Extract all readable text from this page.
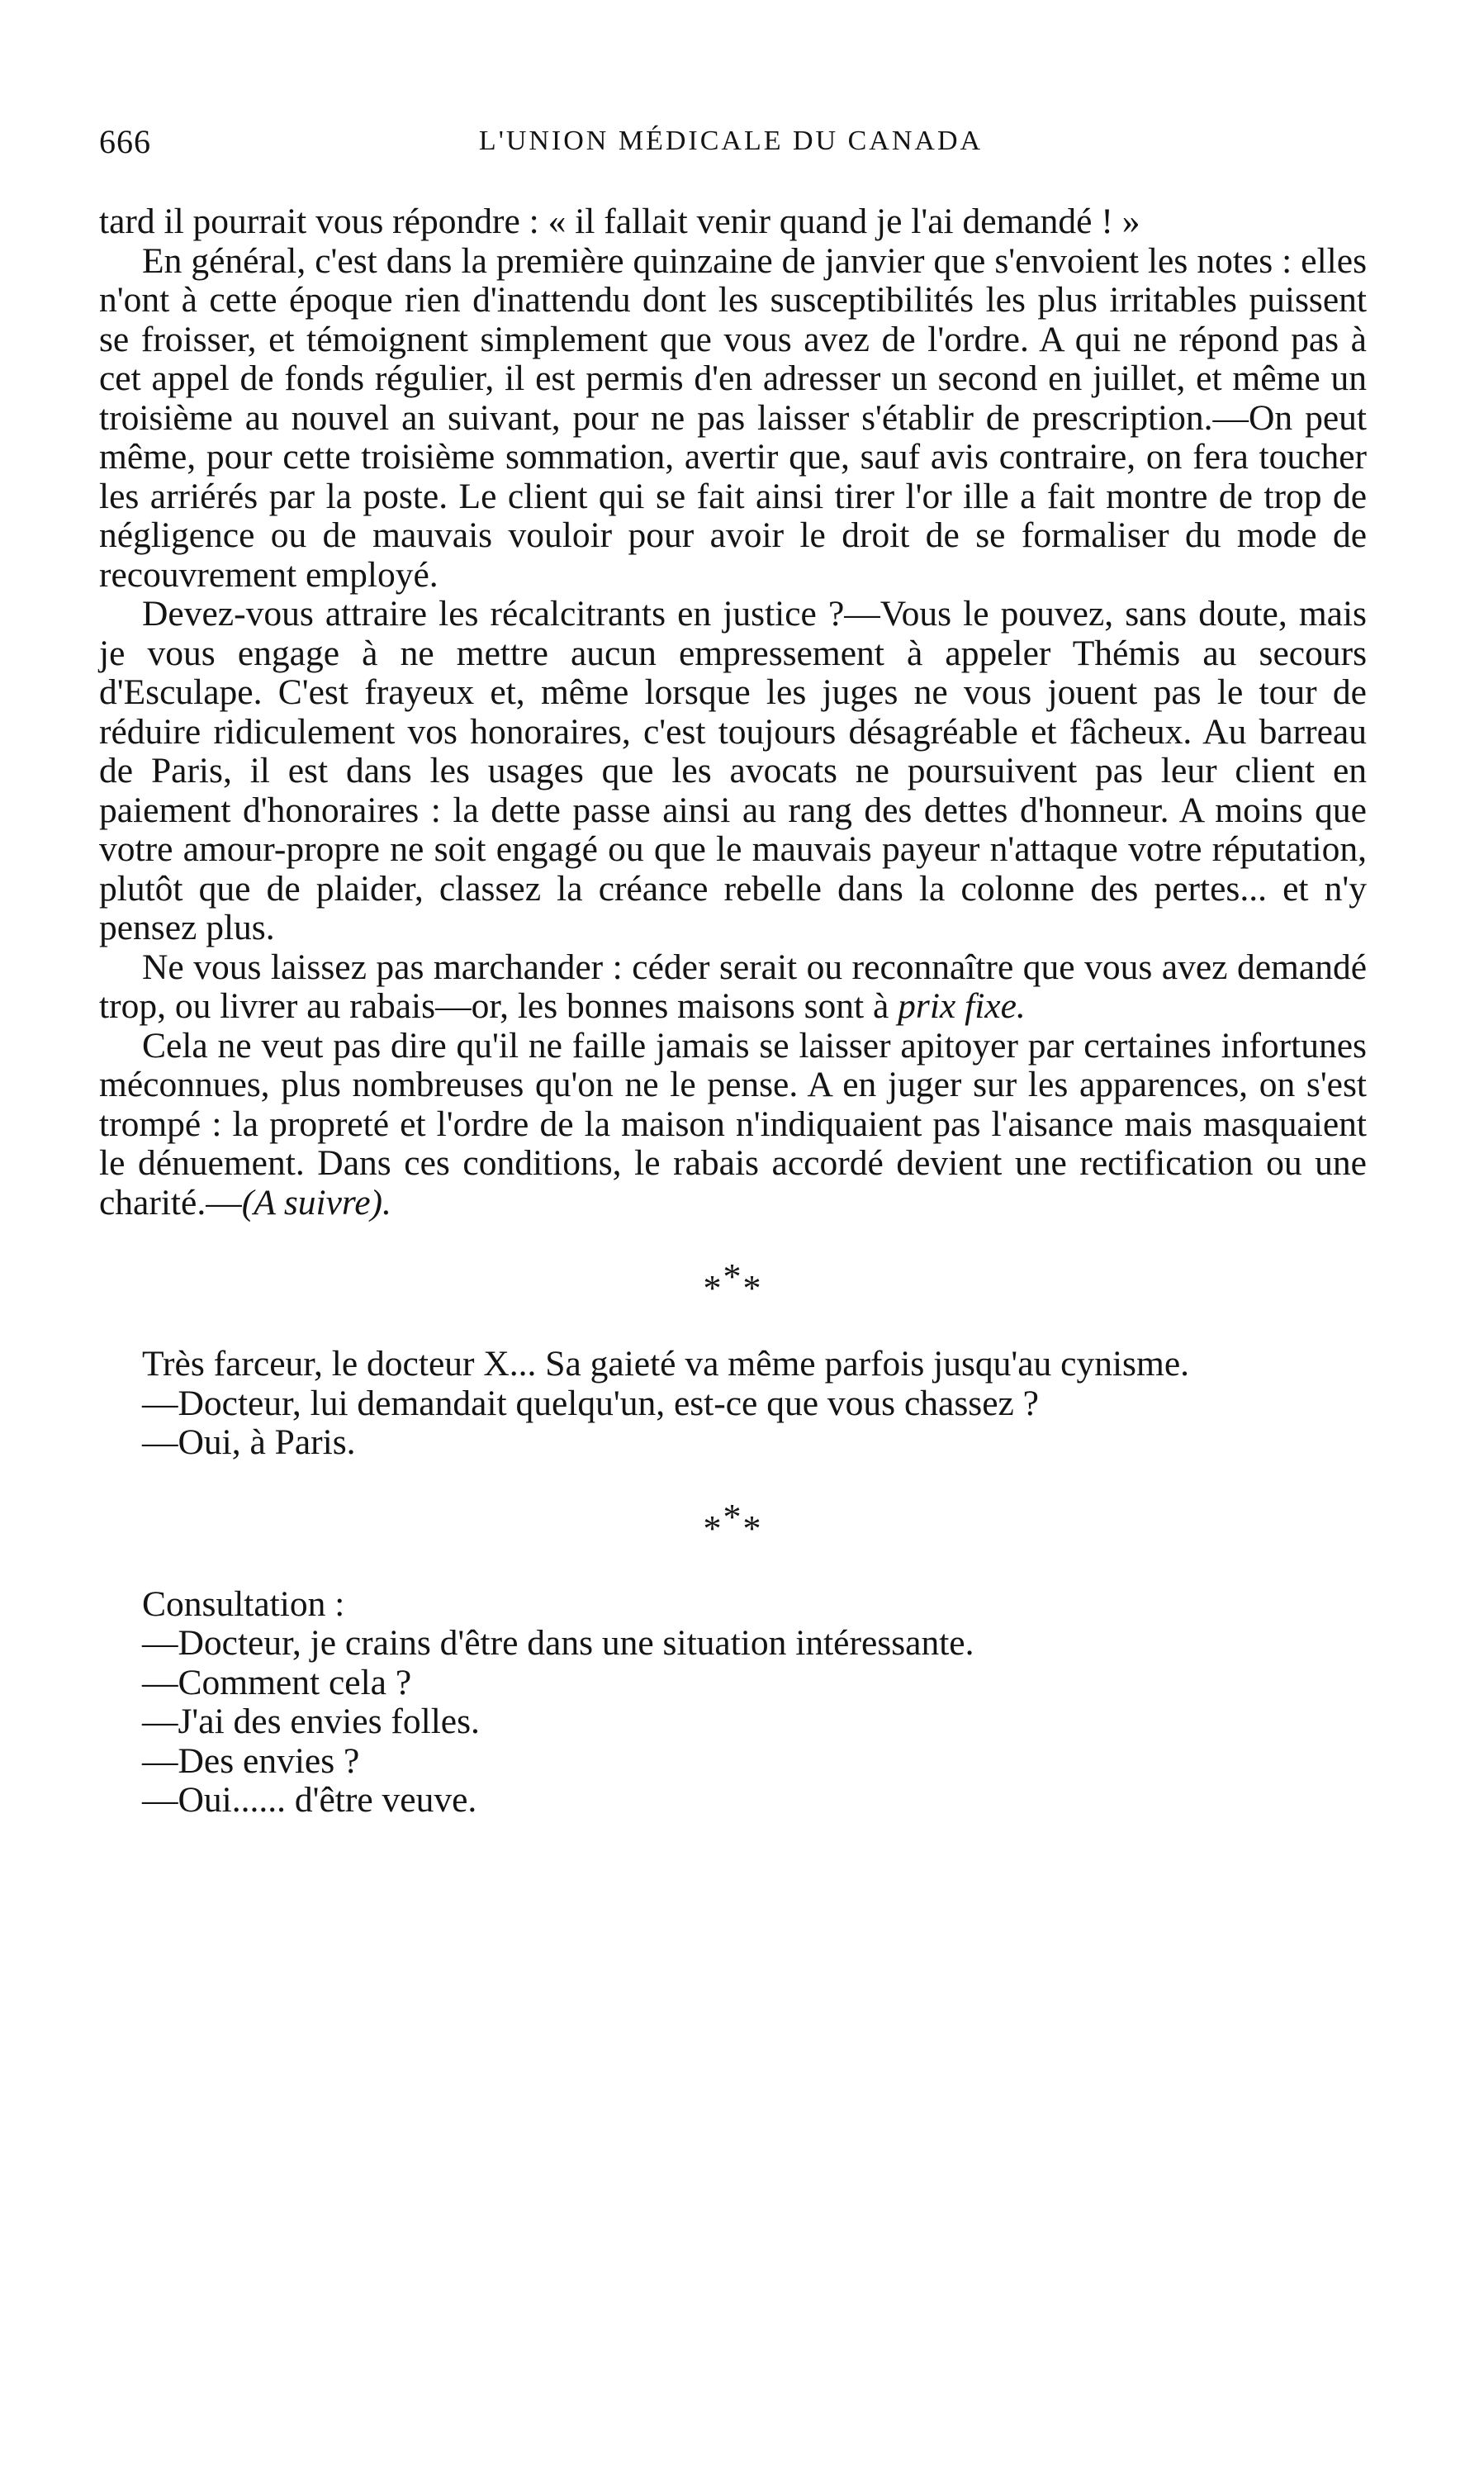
666	L'UNION MÉDICALE DU CANADA

tard il pourrait vous répondre : « il fallait venir quand je l'ai demandé ! »

En général, c'est dans la première quinzaine de janvier que s'envoient les notes : elles n'ont à cette époque rien d'inattendu dont les susceptibilités les plus irritables puissent se froisser, et témoignent simplement que vous avez de l'ordre. A qui ne répond pas à cet appel de fonds régulier, il est permis d'en adresser un second en juillet, et même un troisième au nouvel an suivant, pour ne pas laisser s'établir de prescription.—On peut même, pour cette troisième sommation, avertir que, sauf avis contraire, on fera toucher les arriérés par la poste. Le client qui se fait ainsi tirer l'or ille a fait montre de trop de négligence ou de mauvais vouloir pour avoir le droit de se formaliser du mode de recouvrement employé.

Devez-vous attraire les récalcitrants en justice ?—Vous le pouvez, sans doute, mais je vous engage à ne mettre aucun empressement à appeler Thémis au secours d'Esculape. C'est frayeux et, même lorsque les juges ne vous jouent pas le tour de réduire ridiculement vos honoraires, c'est toujours désagréable et fâcheux. Au barreau de Paris, il est dans les usages que les avocats ne poursuivent pas leur client en paiement d'honoraires : la dette passe ainsi au rang des dettes d'honneur. A moins que votre amour-propre ne soit engagé ou que le mauvais payeur n'attaque votre réputation, plutôt que de plaider, classez la créance rebelle dans la colonne des pertes... et n'y pensez plus.

Ne vous laissez pas marchander : céder serait ou reconnaître que vous avez demandé trop, ou livrer au rabais—or, les bonnes maisons sont à prix fixe.

Cela ne veut pas dire qu'il ne faille jamais se laisser apitoyer par certaines infortunes méconnues, plus nombreuses qu'on ne le pense. A en juger sur les apparences, on s'est trompé : la propreté et l'ordre de la maison n'indiquaient pas l'aisance mais masquaient le dénuement. Dans ces conditions, le rabais accordé devient une rectification ou une charité.—(A suivre).

***

Très farceur, le docteur X... Sa gaieté va même parfois jusqu'au cynisme.

—Docteur, lui demandait quelqu'un, est-ce que vous chassez ?

—Oui, à Paris.

***

Consultation :

—Docteur, je crains d'être dans une situation intéressante.

—Comment cela ?

—J'ai des envies folles.

—Des envies ?

—Oui...... d'être veuve.
